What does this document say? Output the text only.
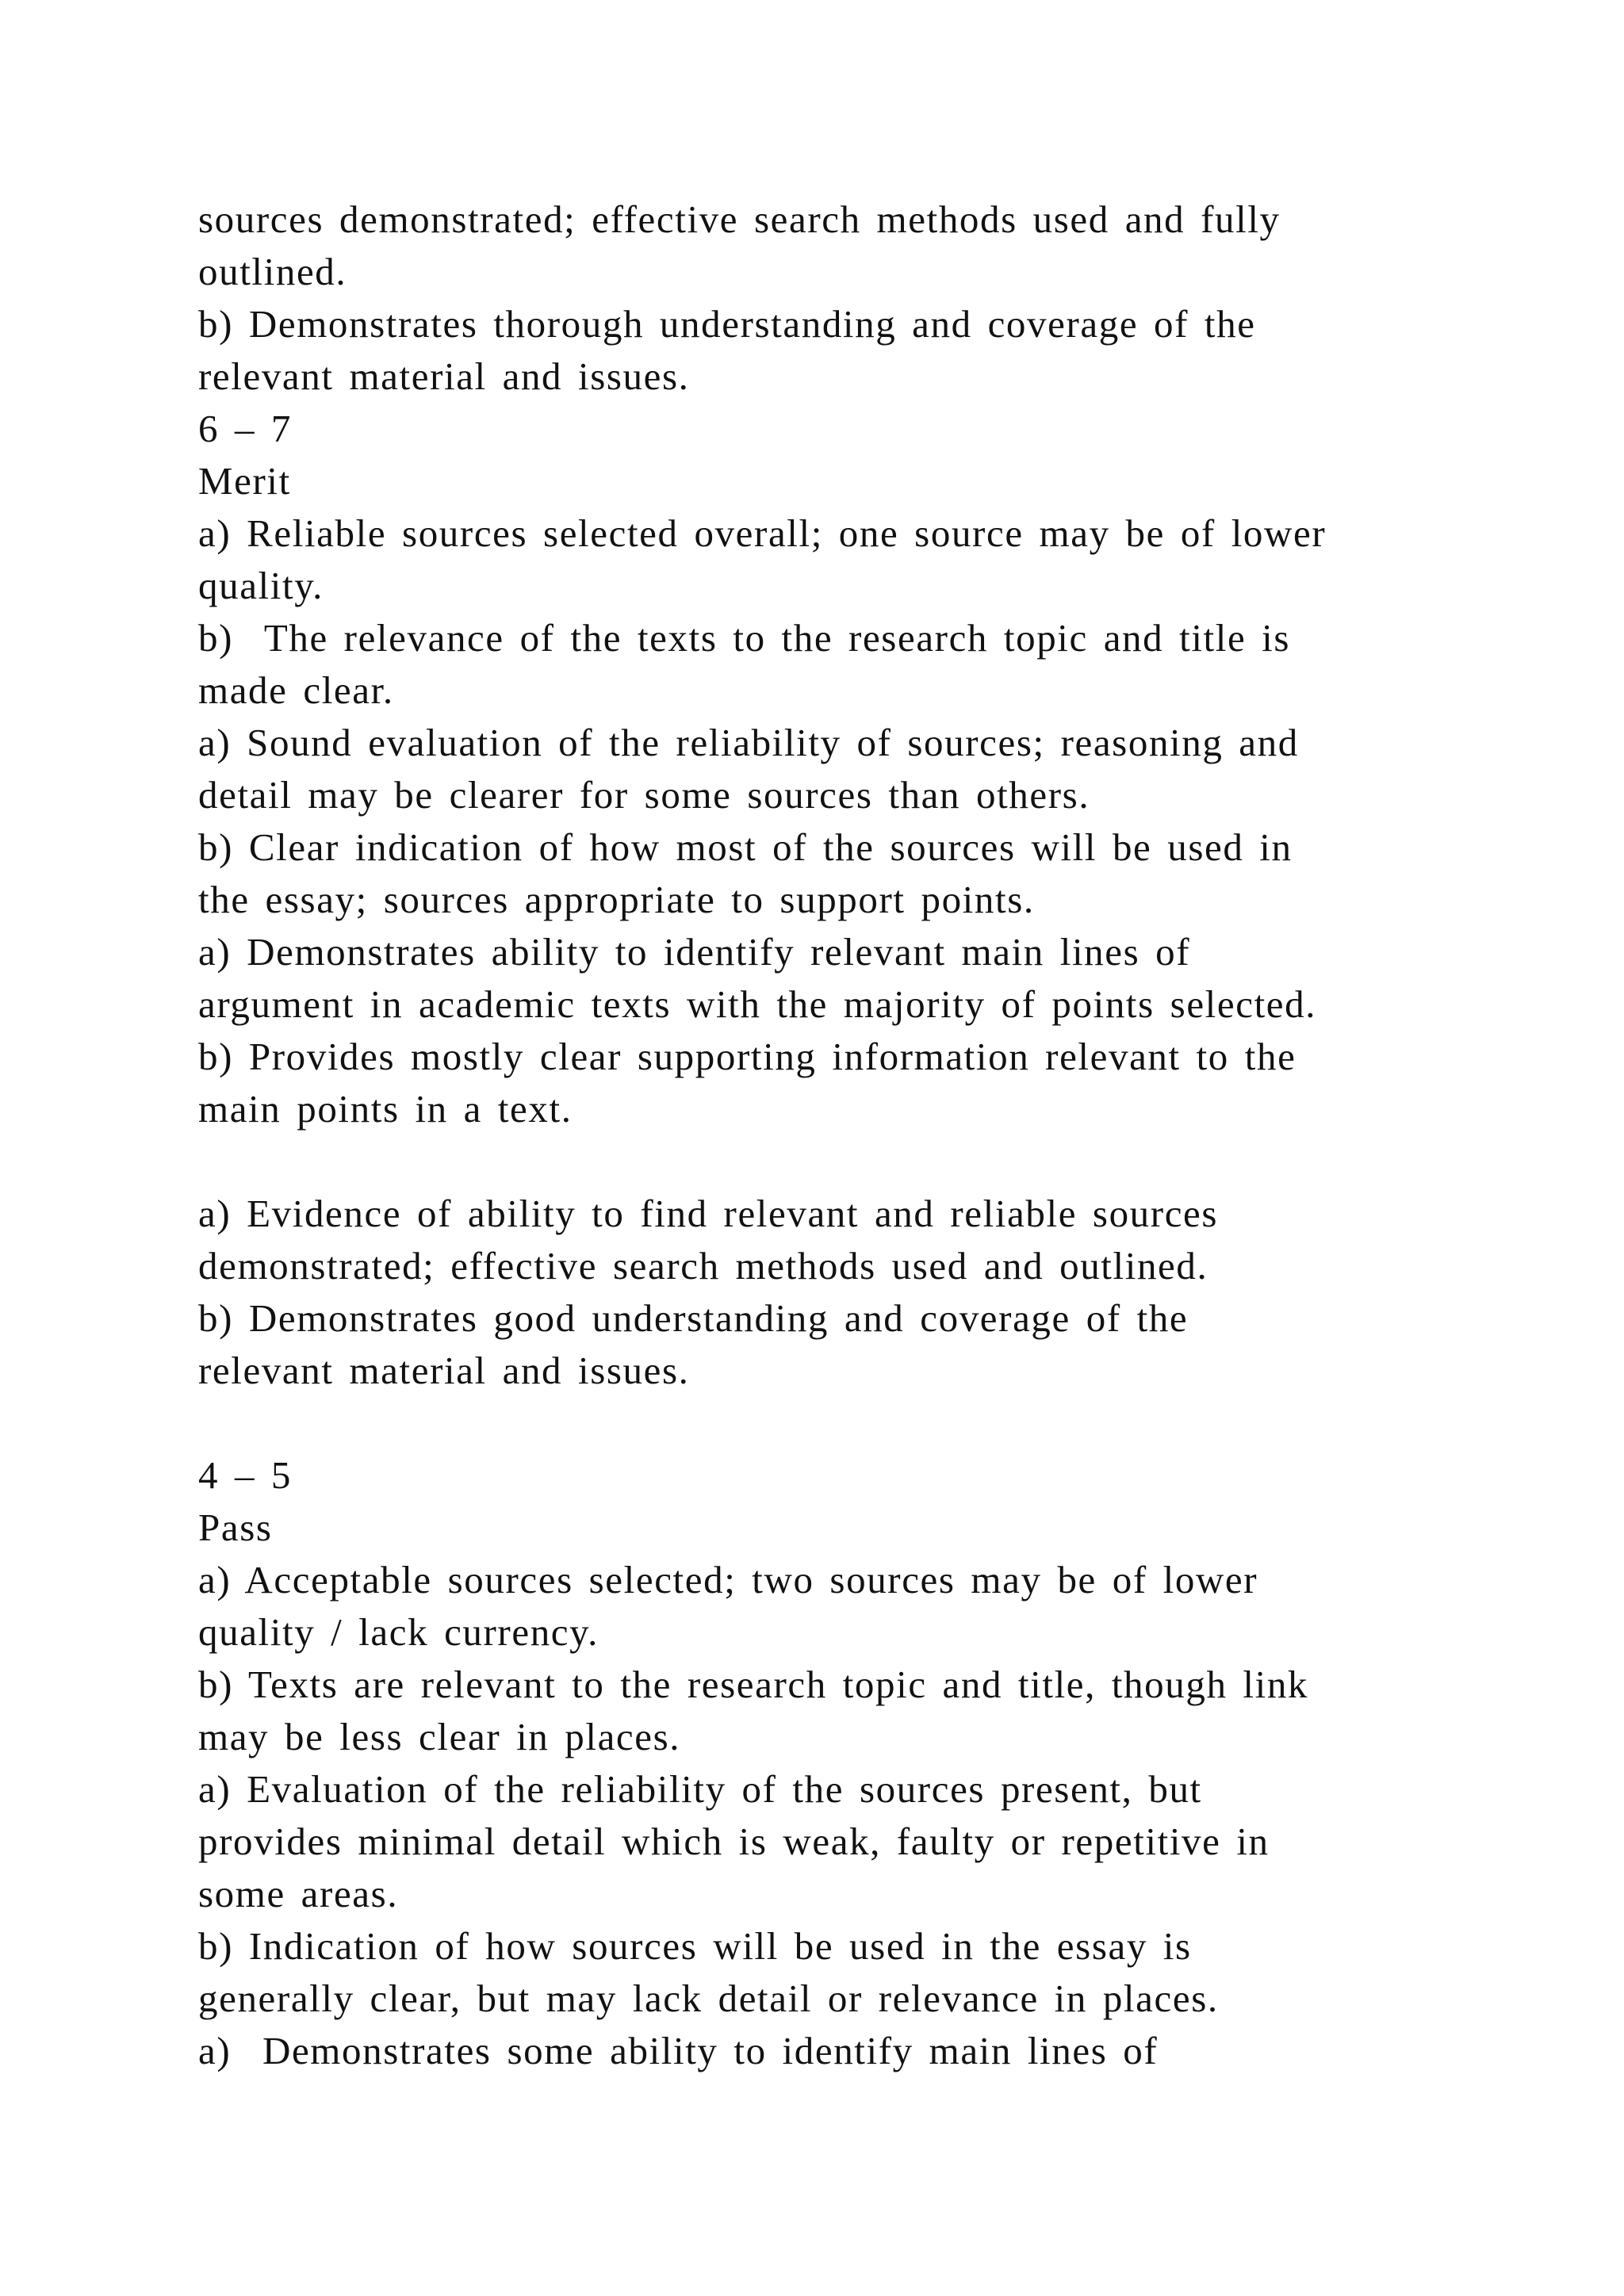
sources demonstrated; effective search methods used and fully
outlined.
b) Demonstrates thorough understanding and coverage of the
relevant material and issues.
6 – 7
Merit
a) Reliable sources selected overall; one source may be of lower
quality.
b)  The relevance of the texts to the research topic and title is
made clear.
a) Sound evaluation of the reliability of sources; reasoning and
detail may be clearer for some sources than others.
b) Clear indication of how most of the sources will be used in
the essay; sources appropriate to support points.
a) Demonstrates ability to identify relevant main lines of
argument in academic texts with the majority of points selected.
b) Provides mostly clear supporting information relevant to the
main points in a text.
a) Evidence of ability to find relevant and reliable sources
demonstrated; effective search methods used and outlined.
b) Demonstrates good understanding and coverage of the
relevant material and issues.
4 – 5
Pass
a) Acceptable sources selected; two sources may be of lower
quality / lack currency.
b) Texts are relevant to the research topic and title, though link
may be less clear in places.
a) Evaluation of the reliability of the sources present, but
provides minimal detail which is weak, faulty or repetitive in
some areas.
b) Indication of how sources will be used in the essay is
generally clear, but may lack detail or relevance in places.
a)  Demonstrates some ability to identify main lines of
